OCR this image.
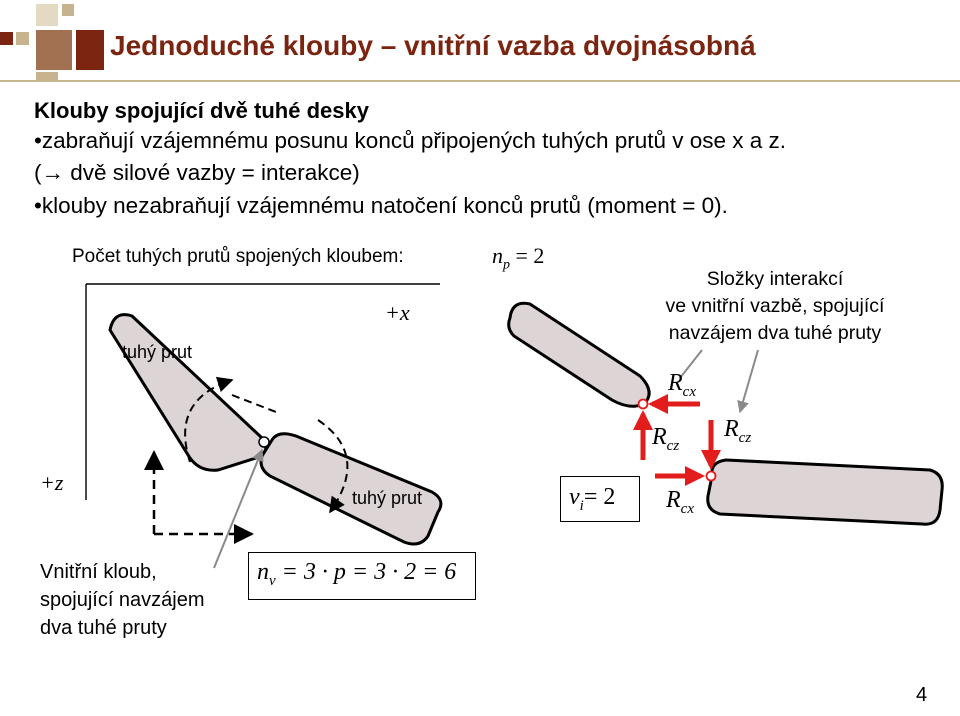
Jednoduché klouby – vnitřní vazba dvojnásobná
Klouby spojující dvě tuhé desky
•zabraňují vzájemnému posunu konců připojených tuhých prutů v ose x a z.
(→ dvě silové vazby = interakce)
•klouby nezabraňují vzájemnému natočení konců prutů (moment = 0).
Počet tuhých prutů spojených kloubem:	$n_p = 2$
+x
+z
tuhý prut
tuhý prut
Vnitřní kloub,
spojující navzájem
dva tuhé pruty
$n_v = 3 \cdot p = 3 \cdot 2 = 6$
$v_i= 2$
Složky interakcí
ve vnitřní vazbě, spojující
navzájem dva tuhé pruty
$R_{cx}$
$R_{cz}$
$R_{cz}$
$R_{cx}$
4
